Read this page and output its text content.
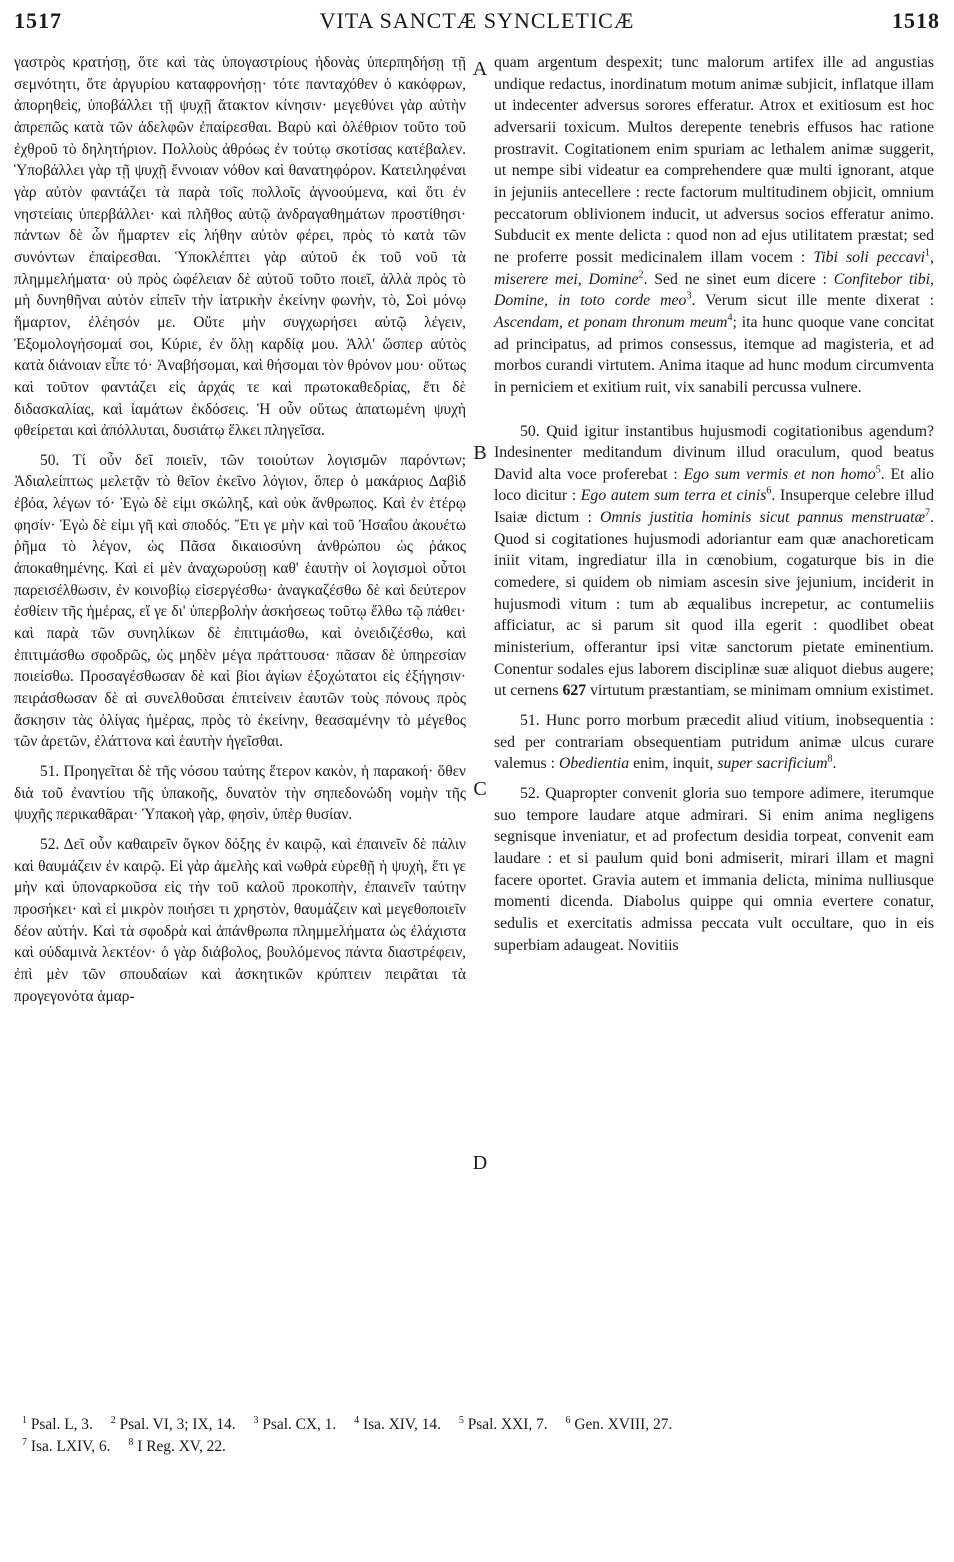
1517	VITA SANCTÆ SYNCLETICÆ	1518

γαστρὸς κρατήσῃ, ὅτε καὶ τὰς ὑπογαστρίους ἡδονὰς ὑπερπηδήσῃ τῇ σεμνότητι, ὅτε ἀργυρίου καταφρονήσῃ· τότε πανταχόθεν ὁ κακόφρων, ἀπορηθεὶς, ὑποβάλλει τῇ ψυχῇ ἄτακτον κίνησιν· μεγεθύνει γὰρ αὐτὴν ἀπρεπῶς κατὰ τῶν ἀδελφῶν ἐπαίρεσθαι. Βαρὺ καὶ ὀλέθριον τοῦτο τοῦ ἐχθροῦ τὸ δηλητήριον. Πολλοὺς ἀθρόως ἐν τούτῳ σκοτίσας κατέβαλεν. Ὑποβάλλει γὰρ τῇ ψυχῇ ἔννοιαν νόθον καὶ θανατηφόρον. Κατειληφέναι γὰρ αὐτὸν φαντάζει τὰ παρὰ τοῖς πολλοῖς ἀγνοούμενα, καὶ ὅτι ἐν νηστείαις ὑπερβάλλει· καὶ πλῆθος αὐτῷ ἀνδραγαθημάτων προστίθησι· πάντων δὲ ὧν ἥμαρτεν εἰς λήθην αὐτὸν φέρει, πρὸς τὸ κατὰ τῶν συνόντων ἐπαίρεσθαι. Ὑποκλέπτει γὰρ αὐτοῦ ἐκ τοῦ νοῦ τὰ πλημμελήματα· οὐ πρὸς ὠφέλειαν δὲ αὐτοῦ τοῦτο ποιεῖ, ἀλλὰ πρὸς τὸ μὴ δυνηθῆναι αὐτὸν εἰπεῖν τὴν ἰατρικὴν ἐκείνην φωνὴν, τὸ, Σοὶ μόνῳ ἥμαρτον, ἐλέησόν με. Οὔτε μὴν συγχωρήσει αὐτῷ λέγειν, Ἐξομολογήσομαί σοι, Κύριε, ἐν ὅλῃ καρδίᾳ μου. Ἀλλ' ὥσπερ αὐτὸς κατὰ διάνοιαν εἶπε τό· Ἀναβήσομαι, καὶ θήσομαι τὸν θρόνον μου· οὕτως καὶ τοῦτον φαντάζει εἰς ἀρχάς τε καὶ πρωτοκαθεδρίας, ἔτι δὲ διδασκαλίας, καὶ ἰαμάτων ἐκδόσεις. Ἡ οὖν οὕτως ἀπατωμένη ψυχὴ φθείρεται καὶ ἀπόλλυται, δυσιάτῳ ἕλκει πληγεῖσα.

50. Τί οὖν δεῖ ποιεῖν, τῶν τοιούτων λογισμῶν παρόντων; Ἀδιαλείπτως μελετᾷν τὸ θεῖον ἐκεῖνο λόγιον, ὅπερ ὁ μακάριος Δαβὶδ ἐβόα, λέγων τό· Ἐγὼ δὲ εἰμι σκώληξ, καὶ οὐκ ἄνθρωπος. Καὶ ἐν ἑτέρῳ φησίν· Ἐγὼ δὲ εἰμι γῆ καὶ σποδός. Ἔτι γε μὴν καὶ τοῦ Ἡσαΐου ἀκουέτω ῥῆμα τὸ λέγον, ὡς Πᾶσα δικαιοσύνη ἀνθρώπου ὡς ῥάκος ἀποκαθημένης. Καὶ εἰ μὲν ἀναχωρούσῃ καθ' ἑαυτὴν οἱ λογισμοὶ οὗτοι παρεισέλθωσιν, ἐν κοινοβίῳ εἰσεργέσθω· ἀναγκαζέσθω δὲ καὶ δεύτερον ἐσθίειν τῆς ἡμέρας, εἴ γε δι' ὑπερβολὴν ἀσκήσεως τοῦτῳ ἔλθω τῷ πάθει· καὶ παρὰ τῶν συνηλίκων δὲ ἐπιτιμάσθω, καὶ ὀνειδιζέσθω, καὶ ἐπιτιμάσθω σφοδρῶς, ὡς μηδὲν μέγα πράττουσα· πᾶσαν δὲ ὑπηρεσίαν ποιείσθω. Προσαγέσθωσαν δὲ καὶ βίοι ἁγίων ἐξοχώτατοι εἰς ἐξήγησιν· πειράσθωσαν δὲ αἱ συνελθοῦσαι ἐπιτείνειν ἑαυτῶν τοὺς πόνους πρὸς ἄσκησιν τὰς ὀλίγας ἡμέρας, πρὸς τὸ ἐκείνην, θεασαμένην τὸ μέγεθος τῶν ἀρετῶν, ἐλάττονα καὶ ἑαυτὴν ἡγεῖσθαι.

51. Προηγεῖται δὲ τῆς νόσου ταύτης ἕτερον κακὸν, ἡ παρακοή· ὅθεν διὰ τοῦ ἐναντίου τῆς ὑπακοῆς, δυνατὸν τὴν σηπεδονώδη νομὴν τῆς ψυχῆς περικαθᾶραι· Ὑπακοὴ γὰρ, φησὶν, ὑπὲρ θυσίαν.

52. Δεῖ οὖν καθαιρεῖν ὄγκον δόξης ἐν καιρῷ, καὶ ἐπαινεῖν δὲ πάλιν καὶ θαυμάζειν ἐν καιρῷ. Εἰ γὰρ ἀμελὴς καὶ νωθρὰ εὑρεθῇ ἡ ψυχὴ, ἔτι γε μὴν καὶ ὑποναρκοῦσα εἰς τὴν τοῦ καλοῦ προκοπὴν, ἐπαινεῖν ταύτην προσήκει· καὶ εἰ μικρὸν ποιήσει τι χρηστὸν, θαυμάζειν καὶ μεγεθοποιεῖν δέον αὐτήν. Καὶ τὰ σφοδρὰ καὶ ἀπάνθρωπα πλημμελήματα ὡς ἐλάχιστα καὶ οὐδαμινὰ λεκτέον· ὁ γὰρ διάβολος, βουλόμενος πάντα διαστρέφειν, ἐπὶ μὲν τῶν σπουδαίων καὶ ἀσκητικῶν κρύπτειν πειρᾶται τὰ προγεγονότα ἁμαρ-

A
B
C
D

quam argentum despexit; tunc malorum artifex ille ad angustias undique redactus, inordinatum motum animæ subjicit, inflatque illam ut indecenter adversus sorores efferatur. Atrox et exitiosum est hoc adversarii toxicum. Multos derepente tenebris effusos hac ratione prostravit. Cogitationem enim spuriam ac lethalem animæ suggerit, ut nempe sibi videatur ea comprehendere quæ multi ignorant, atque in jejuniis antecellere : recte factorum multitudinem objicit, omnium peccatorum oblivionem inducit, ut adversus socios efferatur animo. Subducit ex mente delicta : quod non ad ejus utilitatem præstat; sed ne proferre possit medicinalem illam vocem : Tibi soli peccavi$^1$, miserere mei, Domine$^2$. Sed ne sinet eum dicere : Confitebor tibi, Domine, in toto corde meo$^3$. Verum sicut ille mente dixerat : Ascendam, et ponam thronum meum$^4$; ita hunc quoque vane concitat ad principatus, ad primos consessus, itemque ad magisteria, et ad morbos curandi virtutem. Anima itaque ad hunc modum circumventa in perniciem et exitium ruit, vix sanabili percussa vulnere.

50. Quid igitur instantibus hujusmodi cogitationibus agendum? Indesinenter meditandum divinum illud oraculum, quod beatus David alta voce proferebat : Ego sum vermis et non homo$^5$. Et alio loco dicitur : Ego autem sum terra et cinis$^6$. Insuperque celebre illud Isaiæ dictum : Omnis justitia hominis sicut pannus menstruatæ$^7$. Quod si cogitationes hujusmodi adoriantur eam quæ anachoreticam iniit vitam, ingrediatur illa in cœnobium, cogaturque bis in die comedere, si quidem ob nimiam ascesin sive jejunium, inciderit in hujusmodi vitum : tum ab æqualibus increpetur, ac contumeliis afficiatur, ac si parum sit quod illa egerit : quodlibet obeat ministerium, offerantur ipsi vitæ sanctorum pietate eminentium. Conentur sodales ejus laborem disciplinæ suæ aliquot diebus augere; ut cernens 627 virtutum præstantiam, se minimam omnium existimet.

51. Hunc porro morbum præcedit aliud vitium, inobsequentia : sed per contrariam obsequentiam putridum animæ ulcus curare valemus : Obedientia enim, inquit, super sacrificium$^8$.

52. Quapropter convenit gloria suo tempore adimere, iterumque suo tempore laudare atque admirari. Si enim anima negligens segnisque inveniatur, et ad profectum desidia torpeat, convenit eam laudare : et si paulum quid boni admiserit, mirari illam et magni facere oportet. Gravia autem et immania delicta, minima nulliusque momenti dicenda. Diabolus quippe qui omnia evertere conatur, sedulis et exercitatis admissa peccata vult occultare, quo in eis superbiam adaugeat. Novitiis

$^1$ Psal. L, 3. $^2$ Psal. VI, 3; IX, 14. $^3$ Psal. CX, 1. $^4$ Isa. XIV, 14. $^5$ Psal. XXI, 7. $^6$ Gen. XVIII, 27.

$^7$ Isa. LXIV, 6. $^8$ I Reg. XV, 22.
